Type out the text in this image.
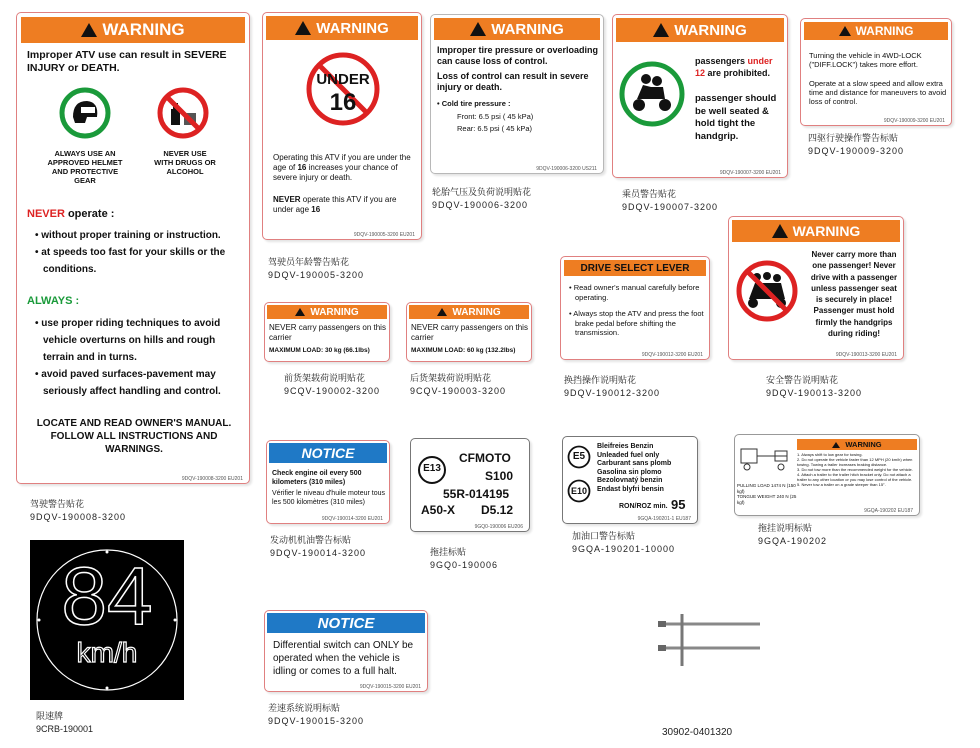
WARNING
Improper ATV use can result in SEVERE INJURY or DEATH.
ALWAYS USE AN APPROVED HELMET AND PROTECTIVE GEAR
NEVER USE WITH DRUGS OR ALCOHOL
NEVER operate :
• without proper training or instruction.
• at speeds too fast for your skills or the conditions.
ALWAYS :
• use proper riding techniques to avoid vehicle overturns on hills and rough terrain and in turns.
• avoid paved surfaces-pavement may seriously affect handling and control.
LOCATE AND READ OWNER'S MANUAL. FOLLOW ALL INSTRUCTIONS AND WARNINGS.
9DQV-190008-3200 EU201
驾驶警告贴花
9DQV-190008-3200
WARNING
UNDER
16
Operating this ATV if you are under the age of 16 increases your chance of severe injury or death.
NEVER operate this ATV if you are under age 16
9DQV-190005-3200 EU201
驾驶员年龄警告贴花
9DQV-190005-3200
WARNING
Improper tire pressure or overloading can cause loss of control.
Loss of control can result in severe injury or death.
• Cold tire pressure :
Front: 6.5 psi ( 45 kPa)
Rear: 6.5 psi ( 45 kPa)
9DQV-190006-3200 US211
轮胎气压及负荷说明贴花
9DQV-190006-3200
WARNING
passengers under 12 are prohibited.
passenger should be well seated & hold tight the handgrip.
9DQV-190007-3200 EU201
乘员警告贴花
9DQV-190007-3200
WARNING
Turning the vehicle in 4WD-LOCK ("DIFF.LOCK") takes more effort.
Operate at a slow speed and allow extra time and distance for maneuvers to avoid loss of control.
9DQV-190009-3200 EU201
四驱行驶操作警告标贴
9DQV-190009-3200
WARNING
NEVER carry passengers on this carrier
MAXIMUM LOAD: 30 kg (66.1lbs)
前货架载荷说明贴花
9CQV-190002-3200
WARNING
NEVER carry passengers on this carrier
MAXIMUM LOAD: 60 kg (132.2lbs)
后货架载荷说明贴花
9CQV-190003-3200
DRIVE SELECT LEVER
• Read owner's manual carefully before operating.
• Always stop the ATV and press the foot brake pedal before shifting the transmission.
9DQV-190012-3200 EU201
换挡操作说明贴花
9DQV-190012-3200
WARNING
Never carry more than one passenger! Never drive with a passenger unless passenger seat is securely in place! Passenger must hold firmly the handgrips during riding!
9DQV-190013-3200 EU201
安全警告说明贴花
9DQV-190013-3200
NOTICE
Check engine oil every 500 kilometers (310 miles)
Vérifier le niveau d'huile moteur tous les 500 kilomètres (310 miles)
9DQV-190014-3200 EU201
发动机机油警告标贴
9DQV-190014-3200
E13
CFMOTO
S100
55R-014195
A50-X D5.12
9GQ0-190006 EU206
拖挂标贴
9GQ0-190006
E5
E10
Bleifreies Benzin
Unleaded fuel only
Carburant sans plomb
Gasolina sin plomo
Bezolovnatý benzin
Endast blyfri bensin
RON/ROZ min. 95
9GQA-190201-1 EU187
加油口警告标贴
9GQA-190201-10000
PULLING LOAD 1474 N (150 kgf)
TONGUE WEIGHT 240 N (25 kgf)
WARNING
1. Always shift to low gear for towing.
2. Do not operate the vehicle faster than 12 MPH (20 km/h) when towing. Towing a trailer increases braking distance.
3. Do not tow more than the recommended weight for the vehicle.
4. Attach a trailer to the trailer hitch bracket only. Do not attach a trailer to any other location or you may lose control of the vehicle.
5. Never tow a trailer on a grade steeper than 15°.
9GQA-190202 EU187
拖挂说明标贴
9GQA-190202
84
km/h
限速牌
9CRB-190001
NOTICE
Differential switch can ONLY be operated when the vehicle is idling or comes to a full halt.
9DQV-190015-3200 EU201
差速系统说明标贴
9DQV-190015-3200
30902-0401320
